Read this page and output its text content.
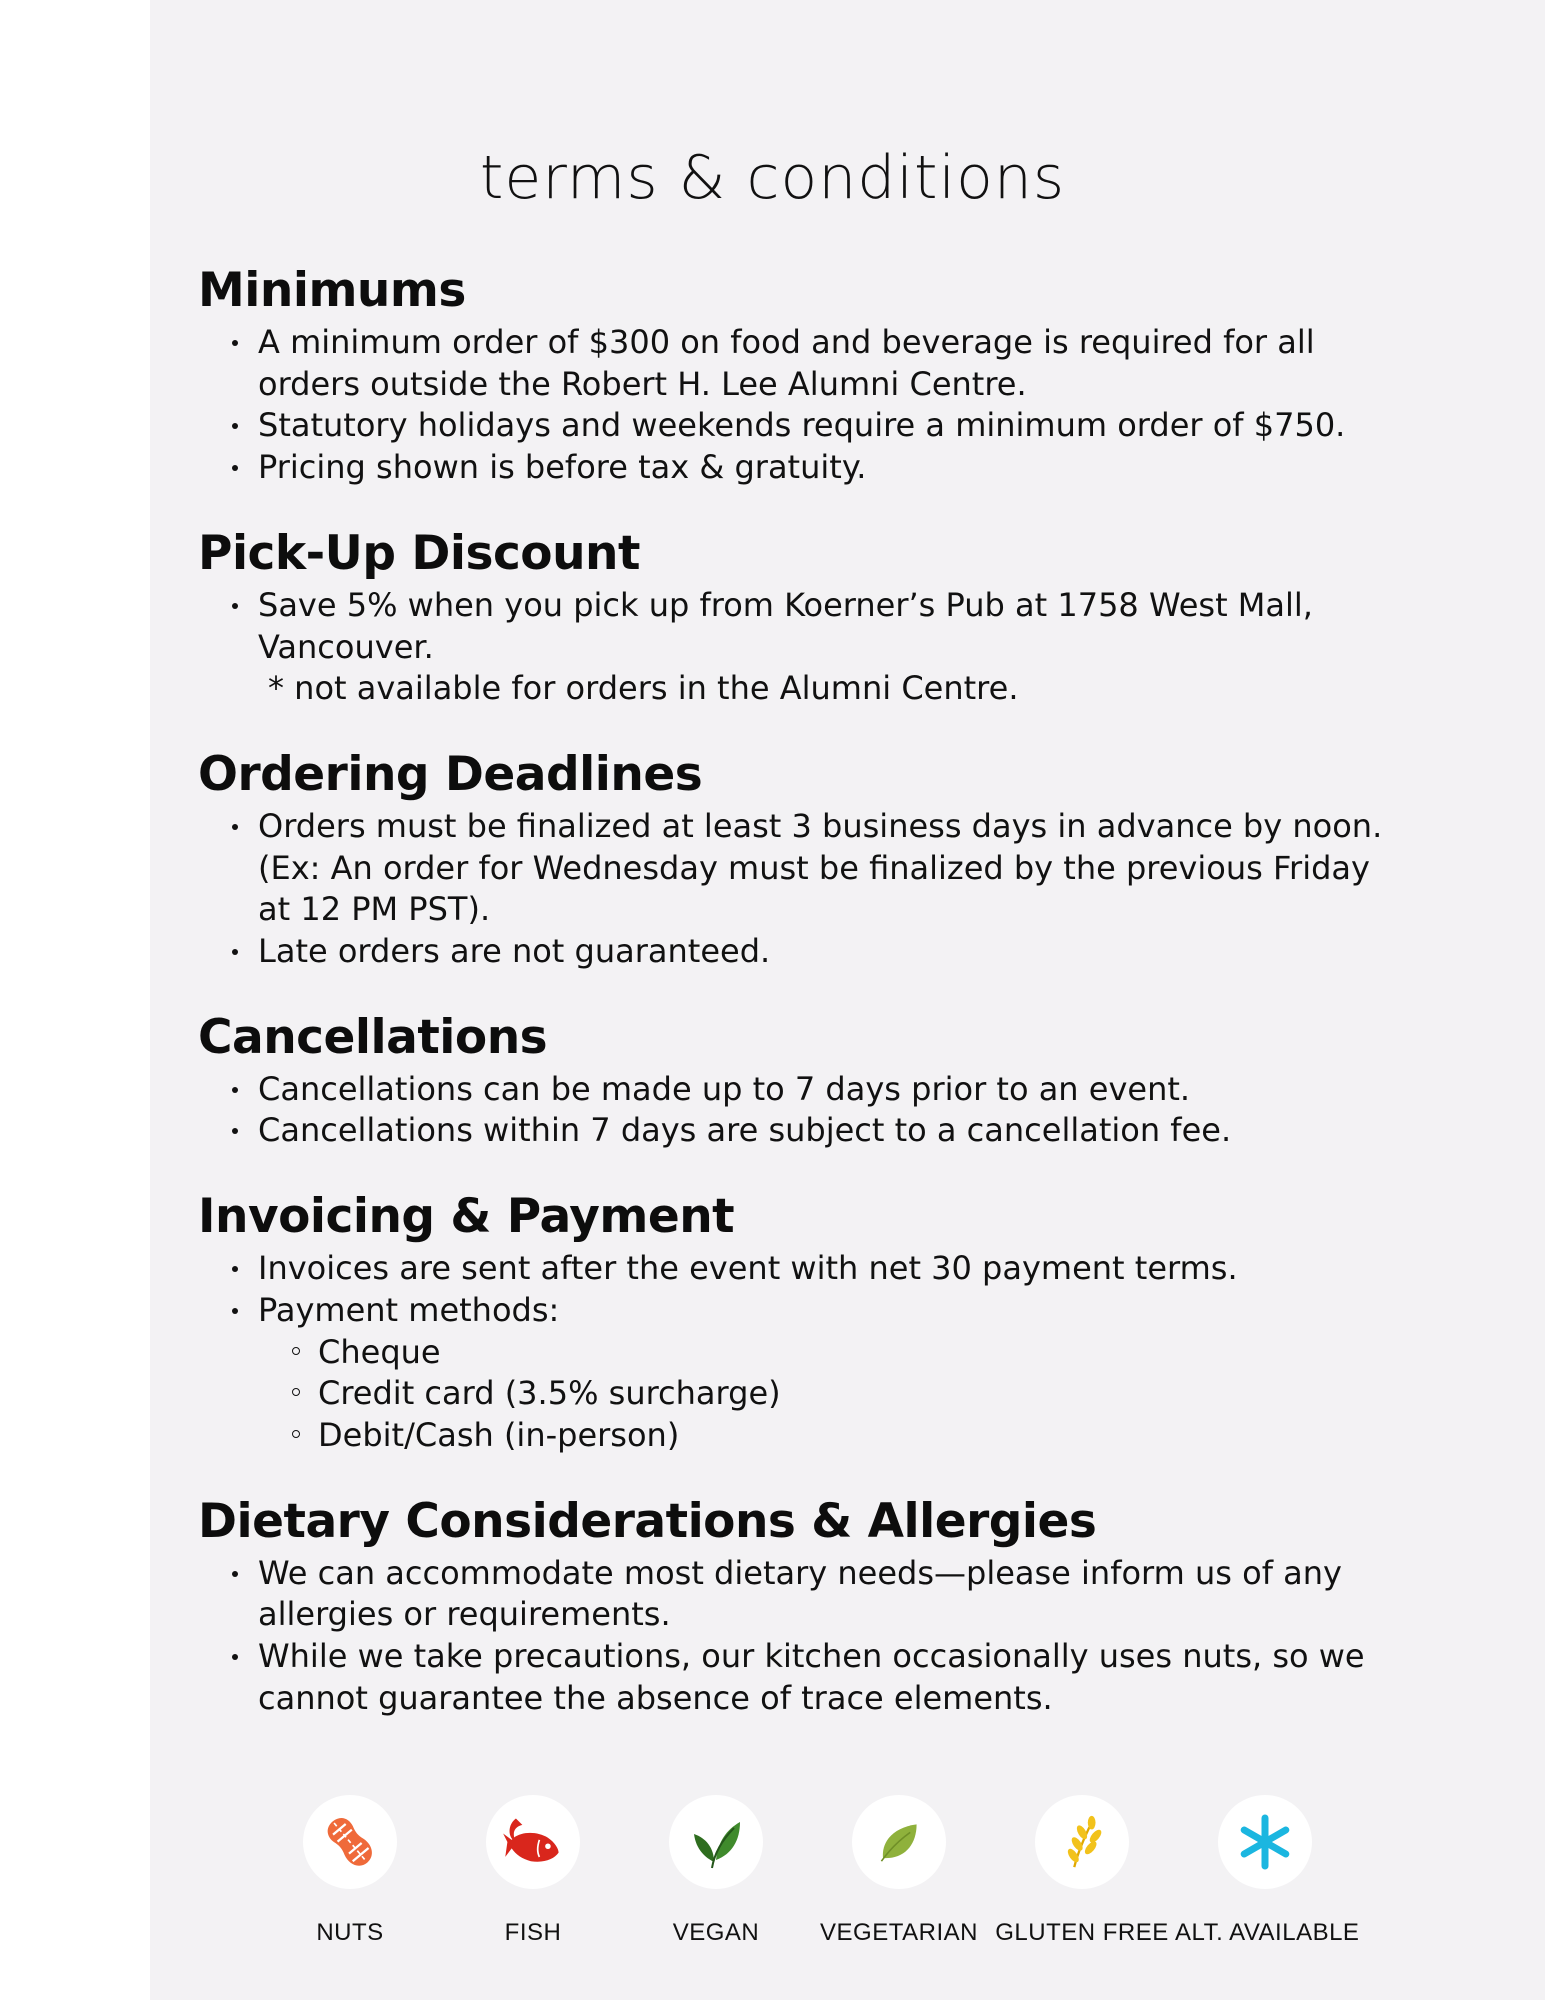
terms & conditions
Minimums
A minimum order of $300 on food and beverage is required for all orders outside the Robert H. Lee Alumni Centre.
Statutory holidays and weekends require a minimum order of $750.
Pricing shown is before tax & gratuity.
Pick-Up Discount
Save 5% when you pick up from Koerner’s Pub at 1758 West Mall, Vancouver.
* not available for orders in the Alumni Centre.
Ordering Deadlines
Orders must be finalized at least 3 business days in advance by noon. (Ex: An order for Wednesday must be finalized by the previous Friday at 12 PM PST).
Late orders are not guaranteed.
Cancellations
Cancellations can be made up to 7 days prior to an event.
Cancellations within 7 days are subject to a cancellation fee.
Invoicing & Payment
Invoices are sent after the event with net 30 payment terms.
Payment methods:
Cheque
Credit card (3.5% surcharge)
Debit/Cash (in-person)
Dietary Considerations & Allergies
We can accommodate most dietary needs—please inform us of any allergies or requirements.
While we take precautions, our kitchen occasionally uses nuts, so we cannot guarantee the absence of trace elements.
NUTS	FISH	VEGAN	VEGETARIAN GLUTEN FREE ALT. AVAILABLE
